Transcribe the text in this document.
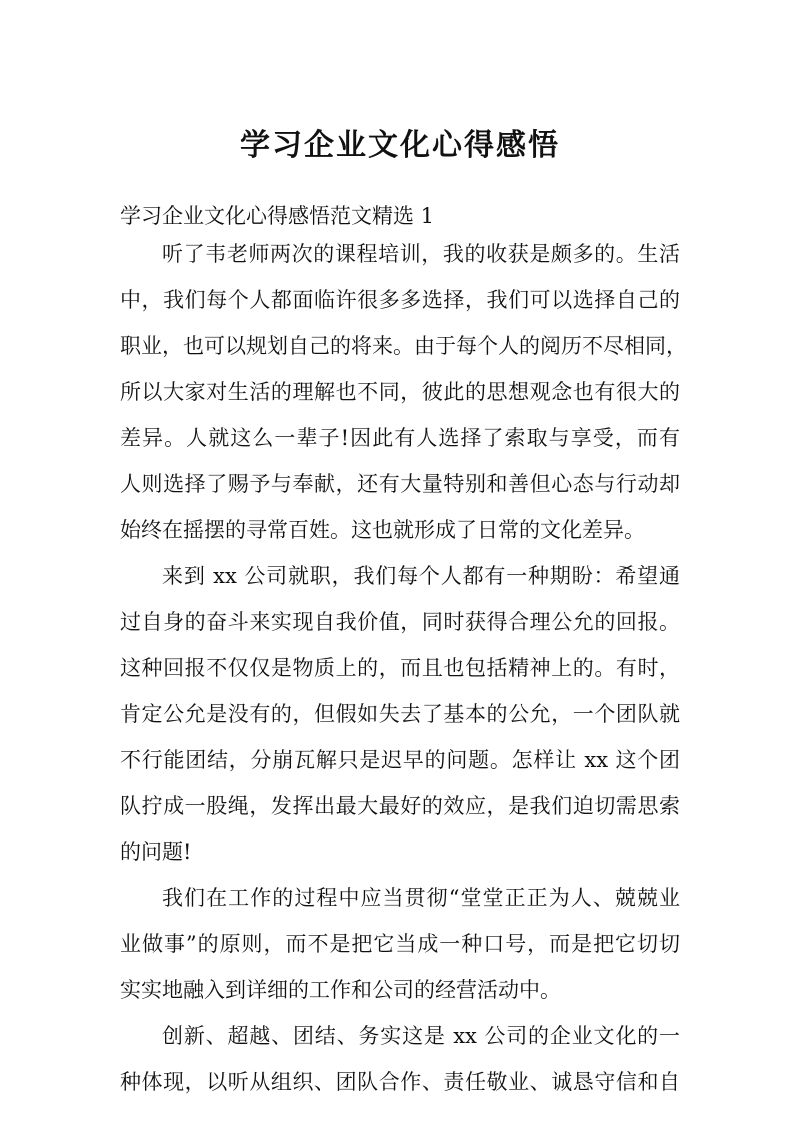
学习企业文化心得感悟

学习企业文化心得感悟范文精选 1

听了韦老师两次的课程培训，我的收获是颇多的。生活

中，我们每个人都面临许很多多选择，我们可以选择自己的

职业，也可以规划自己的将来。由于每个人的阅历不尽相同，

所以大家对生活的理解也不同，彼此的思想观念也有很大的

差异。人就这么一辈子!因此有人选择了索取与享受，而有

人则选择了赐予与奉献，还有大量特别和善但心态与行动却

始终在摇摆的寻常百姓。这也就形成了日常的文化差异。

来到 xx 公司就职，我们每个人都有一种期盼：希望通

过自身的奋斗来实现自我价值，同时获得合理公允的回报。

这种回报不仅仅是物质上的，而且也包括精神上的。有时，

肯定公允是没有的，但假如失去了基本的公允，一个团队就

不行能团结，分崩瓦解只是迟早的问题。怎样让 xx 这个团

队拧成一股绳，发挥出最大最好的效应，是我们迫切需思索

的问题!

我们在工作的过程中应当贯彻“堂堂正正为人、兢兢业

业做事”的原则，而不是把它当成一种口号，而是把它切切

实实地融入到详细的工作和公司的经营活动中。

创新、超越、团结、务实这是 xx 公司的企业文化的一

种体现，以听从组织、团队合作、责任敬业、诚恳守信和自
